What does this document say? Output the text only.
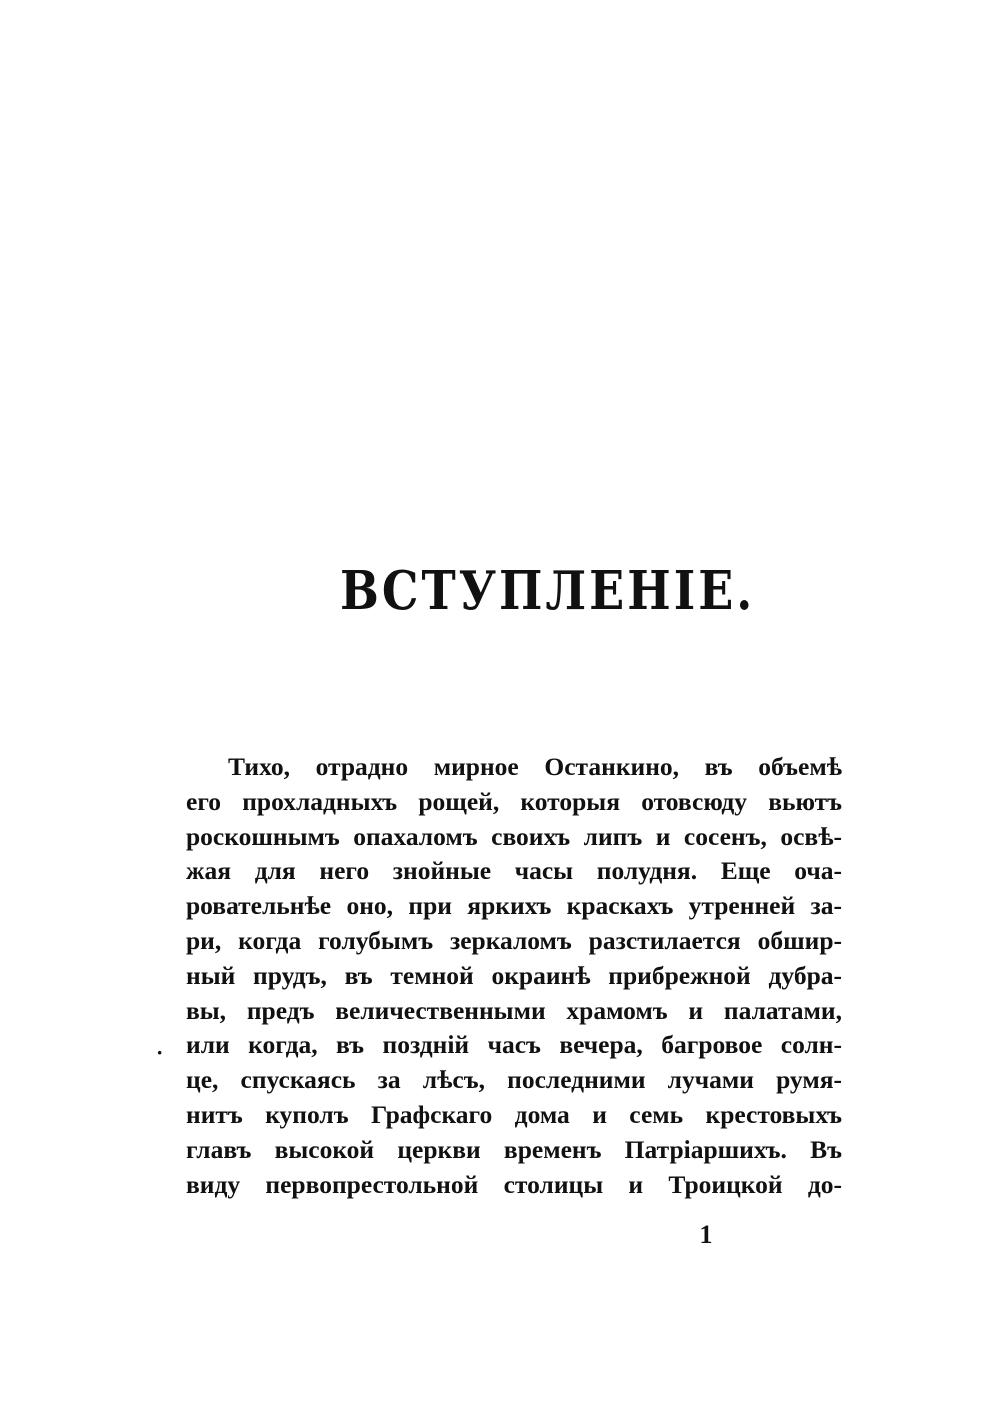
ВСТУПЛЕНІЕ.
·
Тихо, отрадно мирное Останкино, въ объемѣ
его прохладныхъ рощей, которыя отовсюду вьютъ
роскошнымъ опахаломъ своихъ липъ и сосенъ, освѣ-
жая для него знойные часы полудня. Еще оча-
ровательнѣе оно, при яркихъ краскахъ утренней за-
ри, когда голубымъ зеркаломъ разстилается обшир-
ный прудъ, въ темной окраинѣ прибрежной дубра-
вы, предъ величественными храмомъ и палатами,
или когда, въ поздній часъ вечера, багровое солн-
це, спускаясь за лѣсъ, последними лучами румя-
нитъ куполъ Графскаго дома и семь крестовыхъ
главъ высокой церкви временъ Патріаршихъ. Въ
виду первопрестольной столицы и Троицкой до-
1
